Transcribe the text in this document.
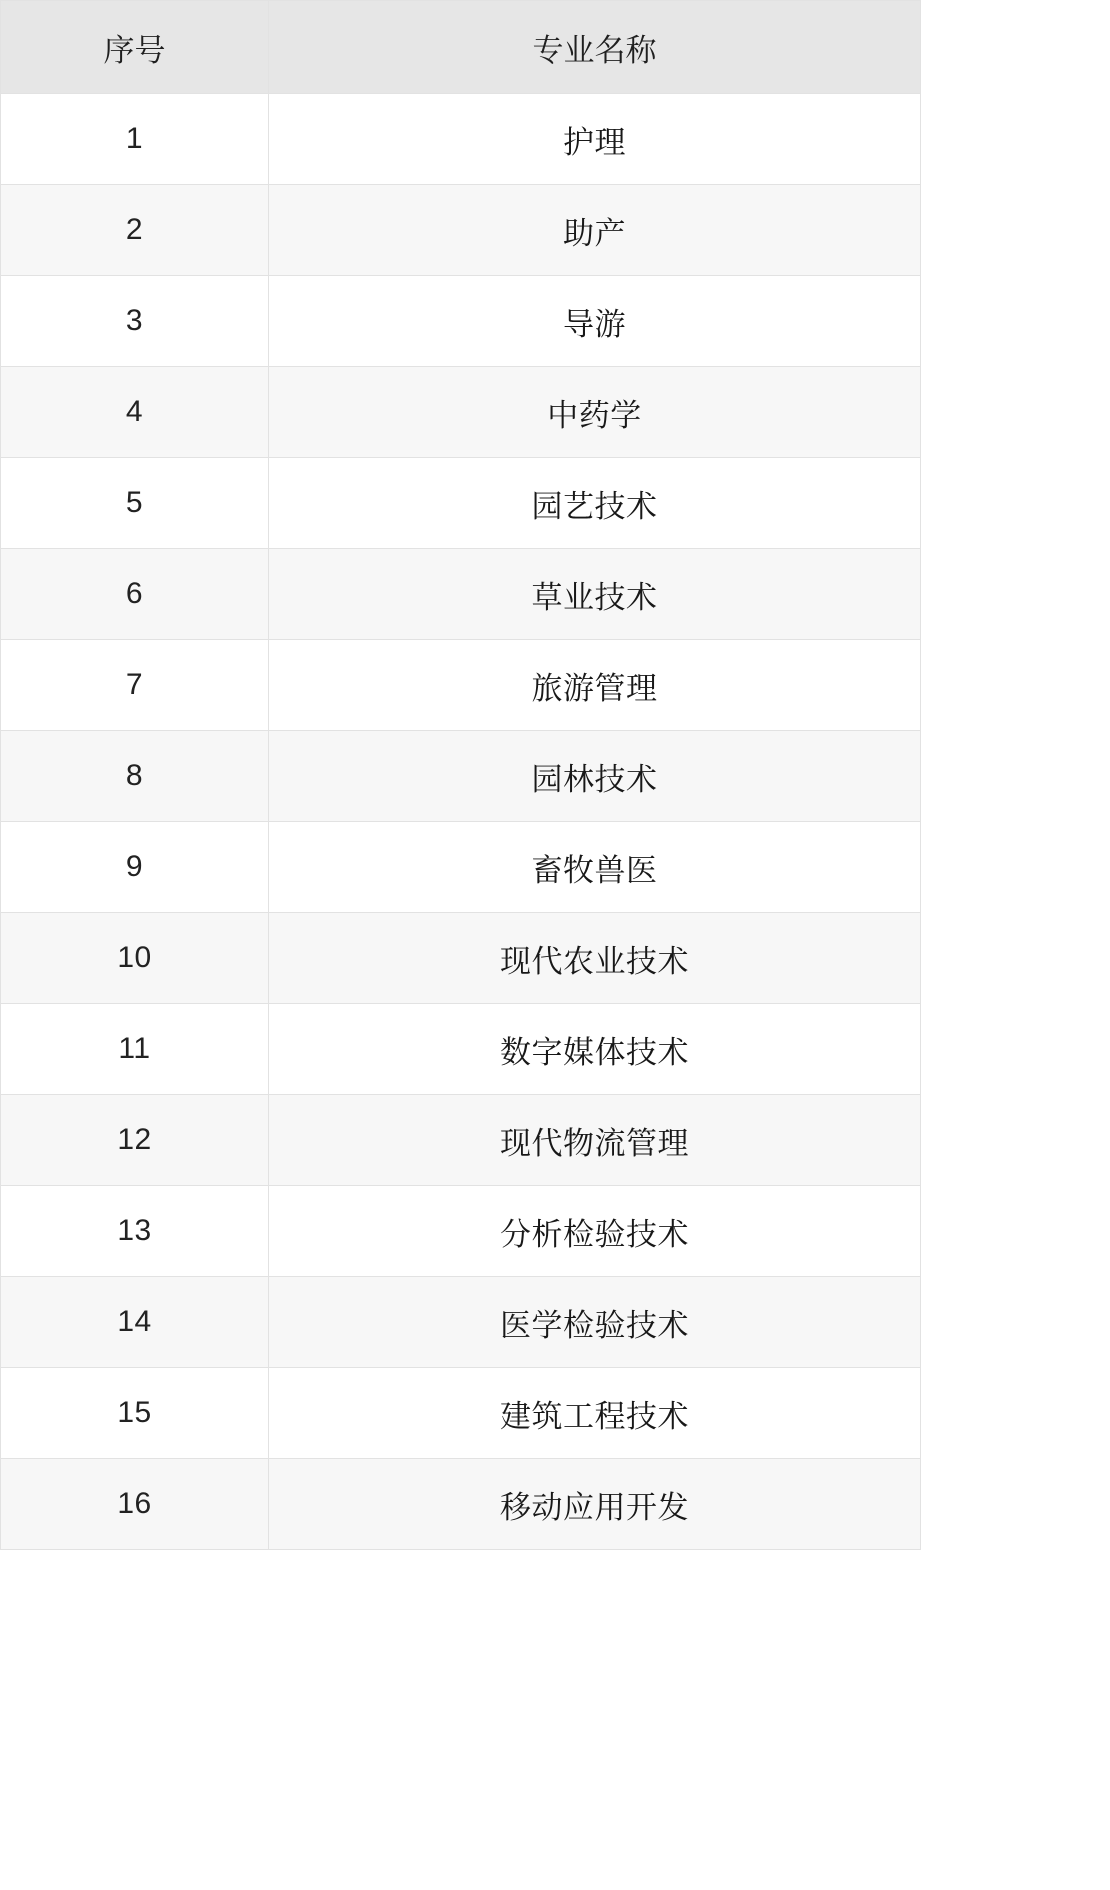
序号	专业名称
1	护理
2	助产
3	导游
4	中药学
5	园艺技术
6	草业技术
7	旅游管理
8	园林技术
9	畜牧兽医
10	现代农业技术
11	数字媒体技术
12	现代物流管理
13	分析检验技术
14	医学检验技术
15	建筑工程技术
16	移动应用开发
